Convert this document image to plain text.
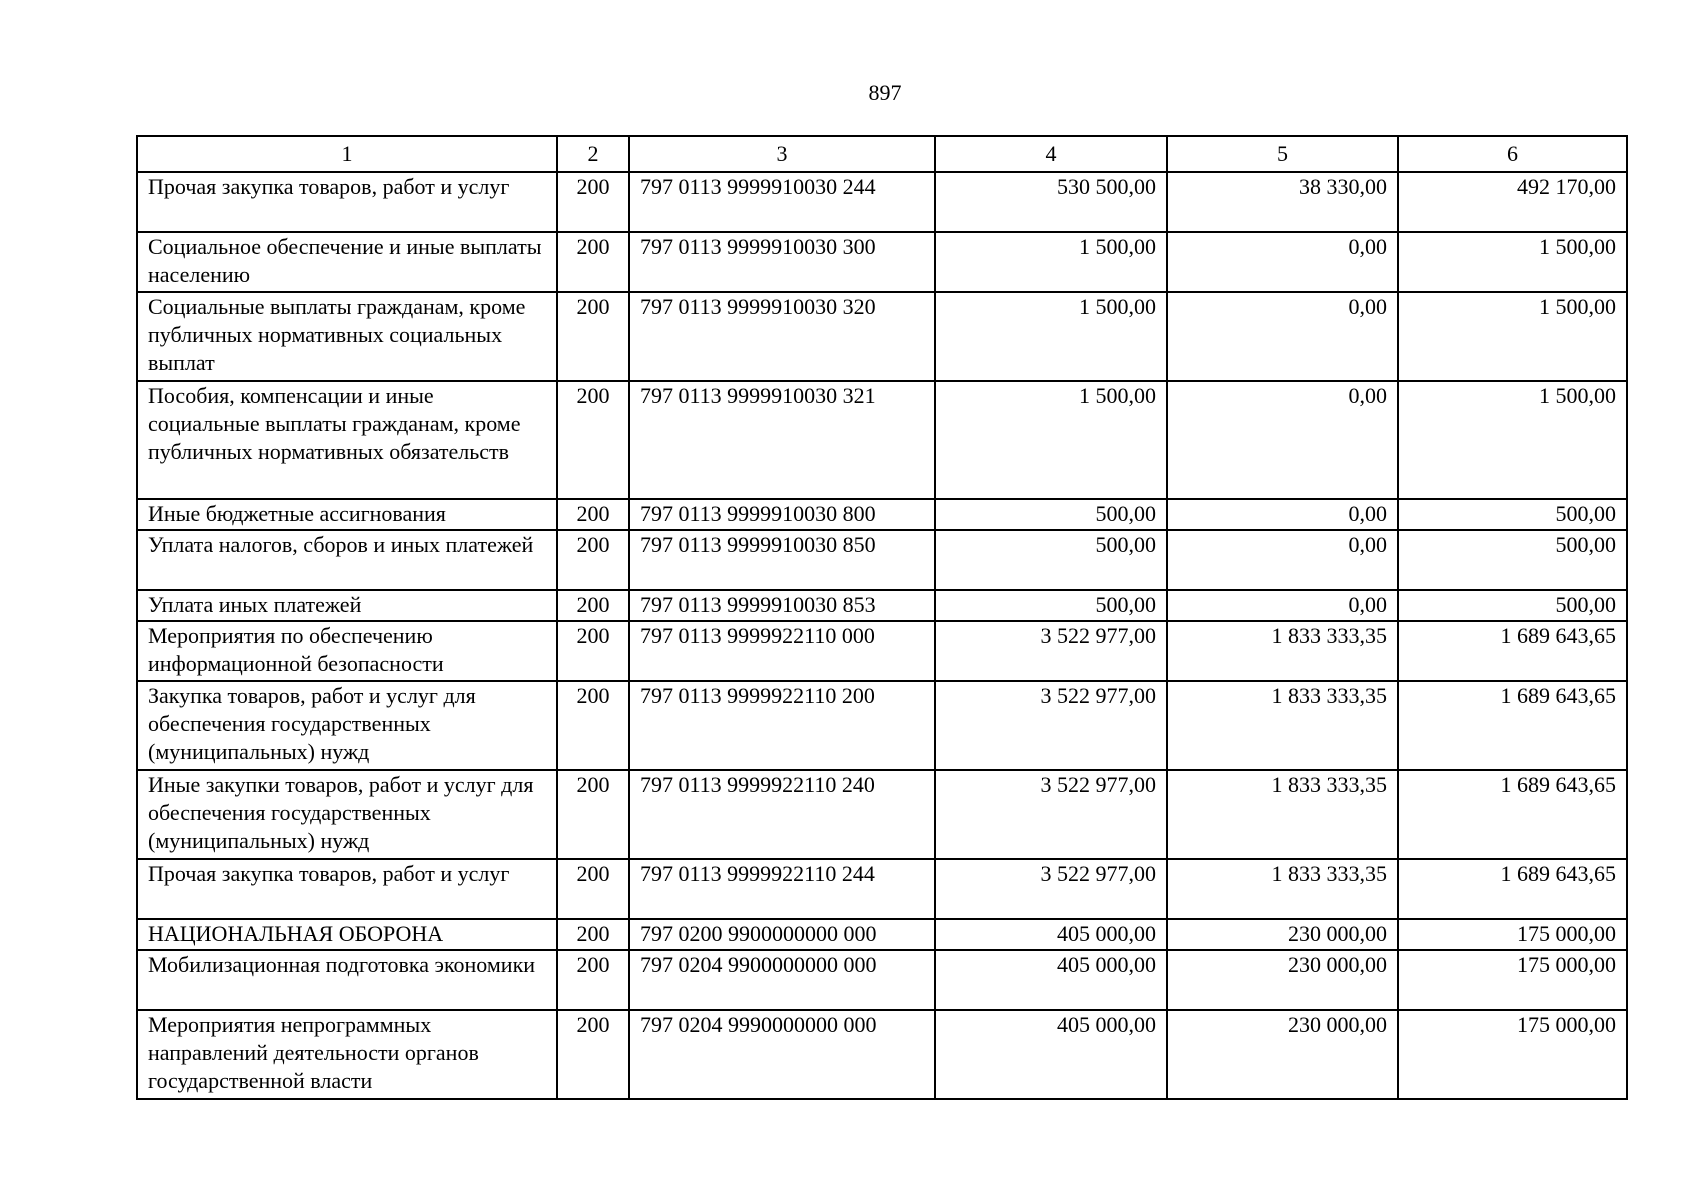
897
1	2	3	4	5	6
Прочая закупка товаров, работ и услуг	200	797 0113 9999910030 244	530 500,00	38 330,00	492 170,00
Социальное обеспечение и иные выплаты населению	200	797 0113 9999910030 300	1 500,00	0,00	1 500,00
Социальные выплаты гражданам, кроме публичных нормативных социальных выплат	200	797 0113 9999910030 320	1 500,00	0,00	1 500,00
Пособия, компенсации и иные социальные выплаты гражданам, кроме публичных нормативных обязательств	200	797 0113 9999910030 321	1 500,00	0,00	1 500,00
Иные бюджетные ассигнования	200	797 0113 9999910030 800	500,00	0,00	500,00
Уплата налогов, сборов и иных платежей	200	797 0113 9999910030 850	500,00	0,00	500,00
Уплата иных платежей	200	797 0113 9999910030 853	500,00	0,00	500,00
Мероприятия по обеспечению информационной безопасности	200	797 0113 9999922110 000	3 522 977,00	1 833 333,35	1 689 643,65
Закупка товаров, работ и услуг для обеспечения государственных (муниципальных) нужд	200	797 0113 9999922110 200	3 522 977,00	1 833 333,35	1 689 643,65
Иные закупки товаров, работ и услуг для обеспечения государственных (муниципальных) нужд	200	797 0113 9999922110 240	3 522 977,00	1 833 333,35	1 689 643,65
Прочая закупка товаров, работ и услуг	200	797 0113 9999922110 244	3 522 977,00	1 833 333,35	1 689 643,65
НАЦИОНАЛЬНАЯ ОБОРОНА	200	797 0200 9900000000 000	405 000,00	230 000,00	175 000,00
Мобилизационная подготовка экономики	200	797 0204 9900000000 000	405 000,00	230 000,00	175 000,00
Мероприятия непрограммных направлений деятельности органов государственной власти	200	797 0204 9990000000 000	405 000,00	230 000,00	175 000,00
